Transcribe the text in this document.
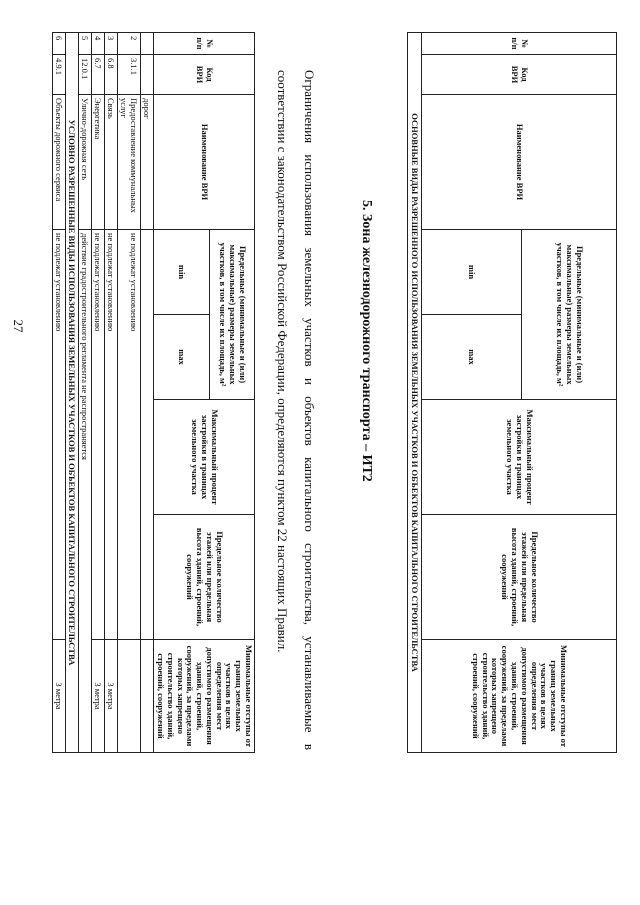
27
№ п/п	Код ВРИ	Наименование ВРИ	Предельные (минимальные и (или) максимальные) размеры земельных участков, в том числе их площадь, м²		Максимальный процент застройки в границах земельного участка	Предельное количество этажей или предельная высота зданий, строений, сооружений	Минимальные отступы от границ земельных участков в целях определения мест допустимого размещения зданий, строений, сооружений, за пределами которых запрещено строительство зданий, строений, сооружений
			min	max			
ОСНОВНЫЕ ВИДЫ РАЗРЕШЕННОГО ИСПОЛЬЗОВАНИЯ ЗЕМЕЛЬНЫХ УЧАСТКОВ И ОБЪЕКТОВ КАПИТАЛЬНОГО СТРОИТЕЛЬСТВА							

5. Зона железнодорожного транспорта – ИТ2

Ограничения использования земельных участков и объектов капитального строительства, устанавливаемые в соответствии с законодательством Российской Федерации, определяются пунктом 22 настоящих Правил.

№ п/п	Код ВРИ	Наименование ВРИ	Предельные (минимальные и (или) максимальные) размеры земельных участков, в том числе их площадь, м²		Максимальный процент застройки в границах земельного участка	Предельное количество этажей или предельная высота зданий, строений, сооружений	Минимальные отступы от границ земельных участков в целях определения мест допустимого размещения зданий, строений, сооружений, за пределами которых запрещено строительство зданий, строений, сооружений
			min	max			
		дорог					
2	3.1.1	Предоставление коммунальных услуг	не подлежат установлению				
3	6.8	Связь	не подлежат установлению				3 метра
4	6.7	Энергетика	не подлежат установлению				3 метра
5	12.0.1	Улично-дорожная сеть	действие градостроительного регламента не распространяется				
УСЛОВНО РАЗРЕШЕННЫЕ ВИДЫ ИСПОЛЬЗОВАНИЯ ЗЕМЕЛЬНЫХ УЧАСТКОВ И ОБЪЕКТОВ КАПИТАЛЬНОГО СТРОИТЕЛЬСТВА							
6	4.9.1	Объекты дорожного сервиса	не подлежат установлению				3 метра
